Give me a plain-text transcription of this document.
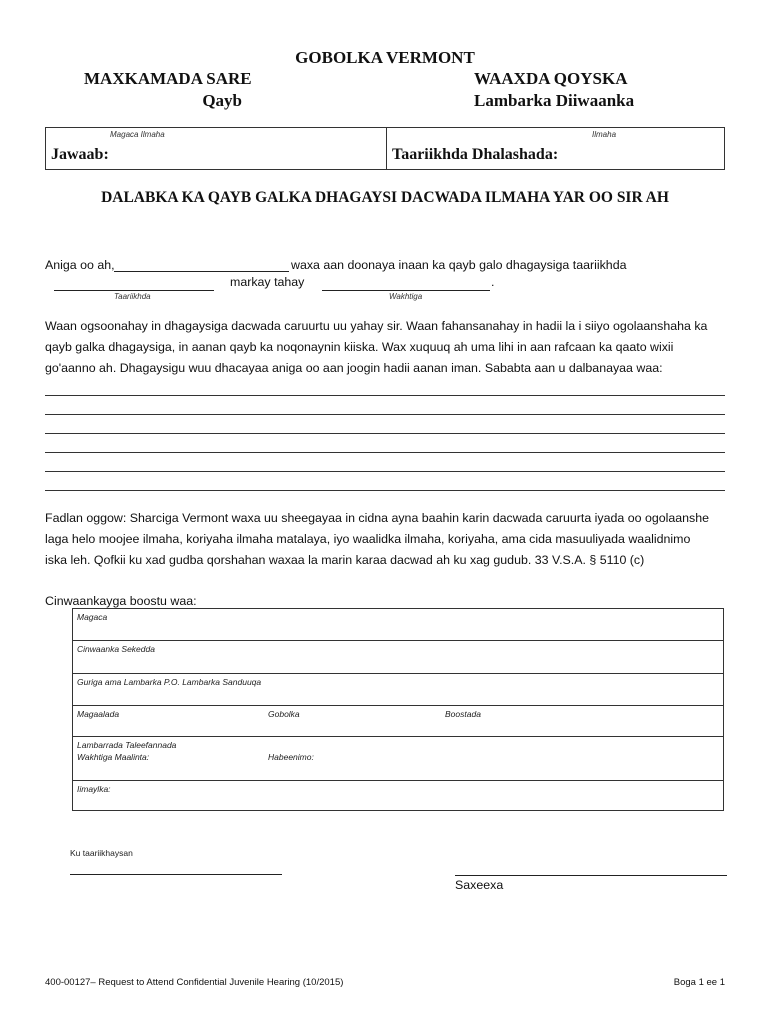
GOBOLKA VERMONT
MAXKAMADA SARE
Qayb
WAAXDA QOYSKA
Lambarka Diiwaanka
Magaca Ilmaha
Jawaab:
Ilmaha
Taariikhda Dhalashada:
DALABKA KA QAYB GALKA DHAGAYSI DACWADA ILMAHA YAR OO SIR AH
Aniga oo ah,	waxa aan doonaya inaan ka qayb galo dhagaysiga taariikhda
markay tahay	.
Taariikhda	Wakhtiga
Waan ogsoonahay in dhagaysiga dacwada caruurtu uu yahay sir. Waan fahansanahay in hadii la i siiyo ogolaanshaha ka
qayb galka dhagaysiga, in aanan qayb ka noqonaynin kiiska. Wax xuquuq ah uma lihi in aan rafcaan ka qaato wixii
go'aanno ah. Dhagaysigu wuu dhacayaa aniga oo aan joogin hadii aanan iman. Sababta aan u dalbanayaa waa:
Fadlan oggow: Sharciga Vermont waxa uu sheegayaa in cidna ayna baahin karin dacwada caruurta iyada oo ogolaanshe
laga helo moojee ilmaha, koriyaha ilmaha matalaya, iyo waalidka ilmaha, koriyaha, ama cida masuuliyada waalidnimo
iska leh. Qofkii ku xad gudba qorshahan waxaa la marin karaa dacwad ah ku xag gudub. 33 V.S.A. § 5110 (c)
Cinwaankayga boostu waa:
Magaca
Cinwaanka Sekedda
Guriga ama Lambarka P.O. Lambarka Sanduuqa
Magaalada	Gobolka	Boostada
Lambarrada Taleefannada
Wakhtiga Maalinta:	Habeenimo:
Iimaylka:
Ku taariikhaysan
Saxeexa
400-00127– Request to Attend Confidential Juvenile Hearing (10/2015)	Boga 1 ee 1
